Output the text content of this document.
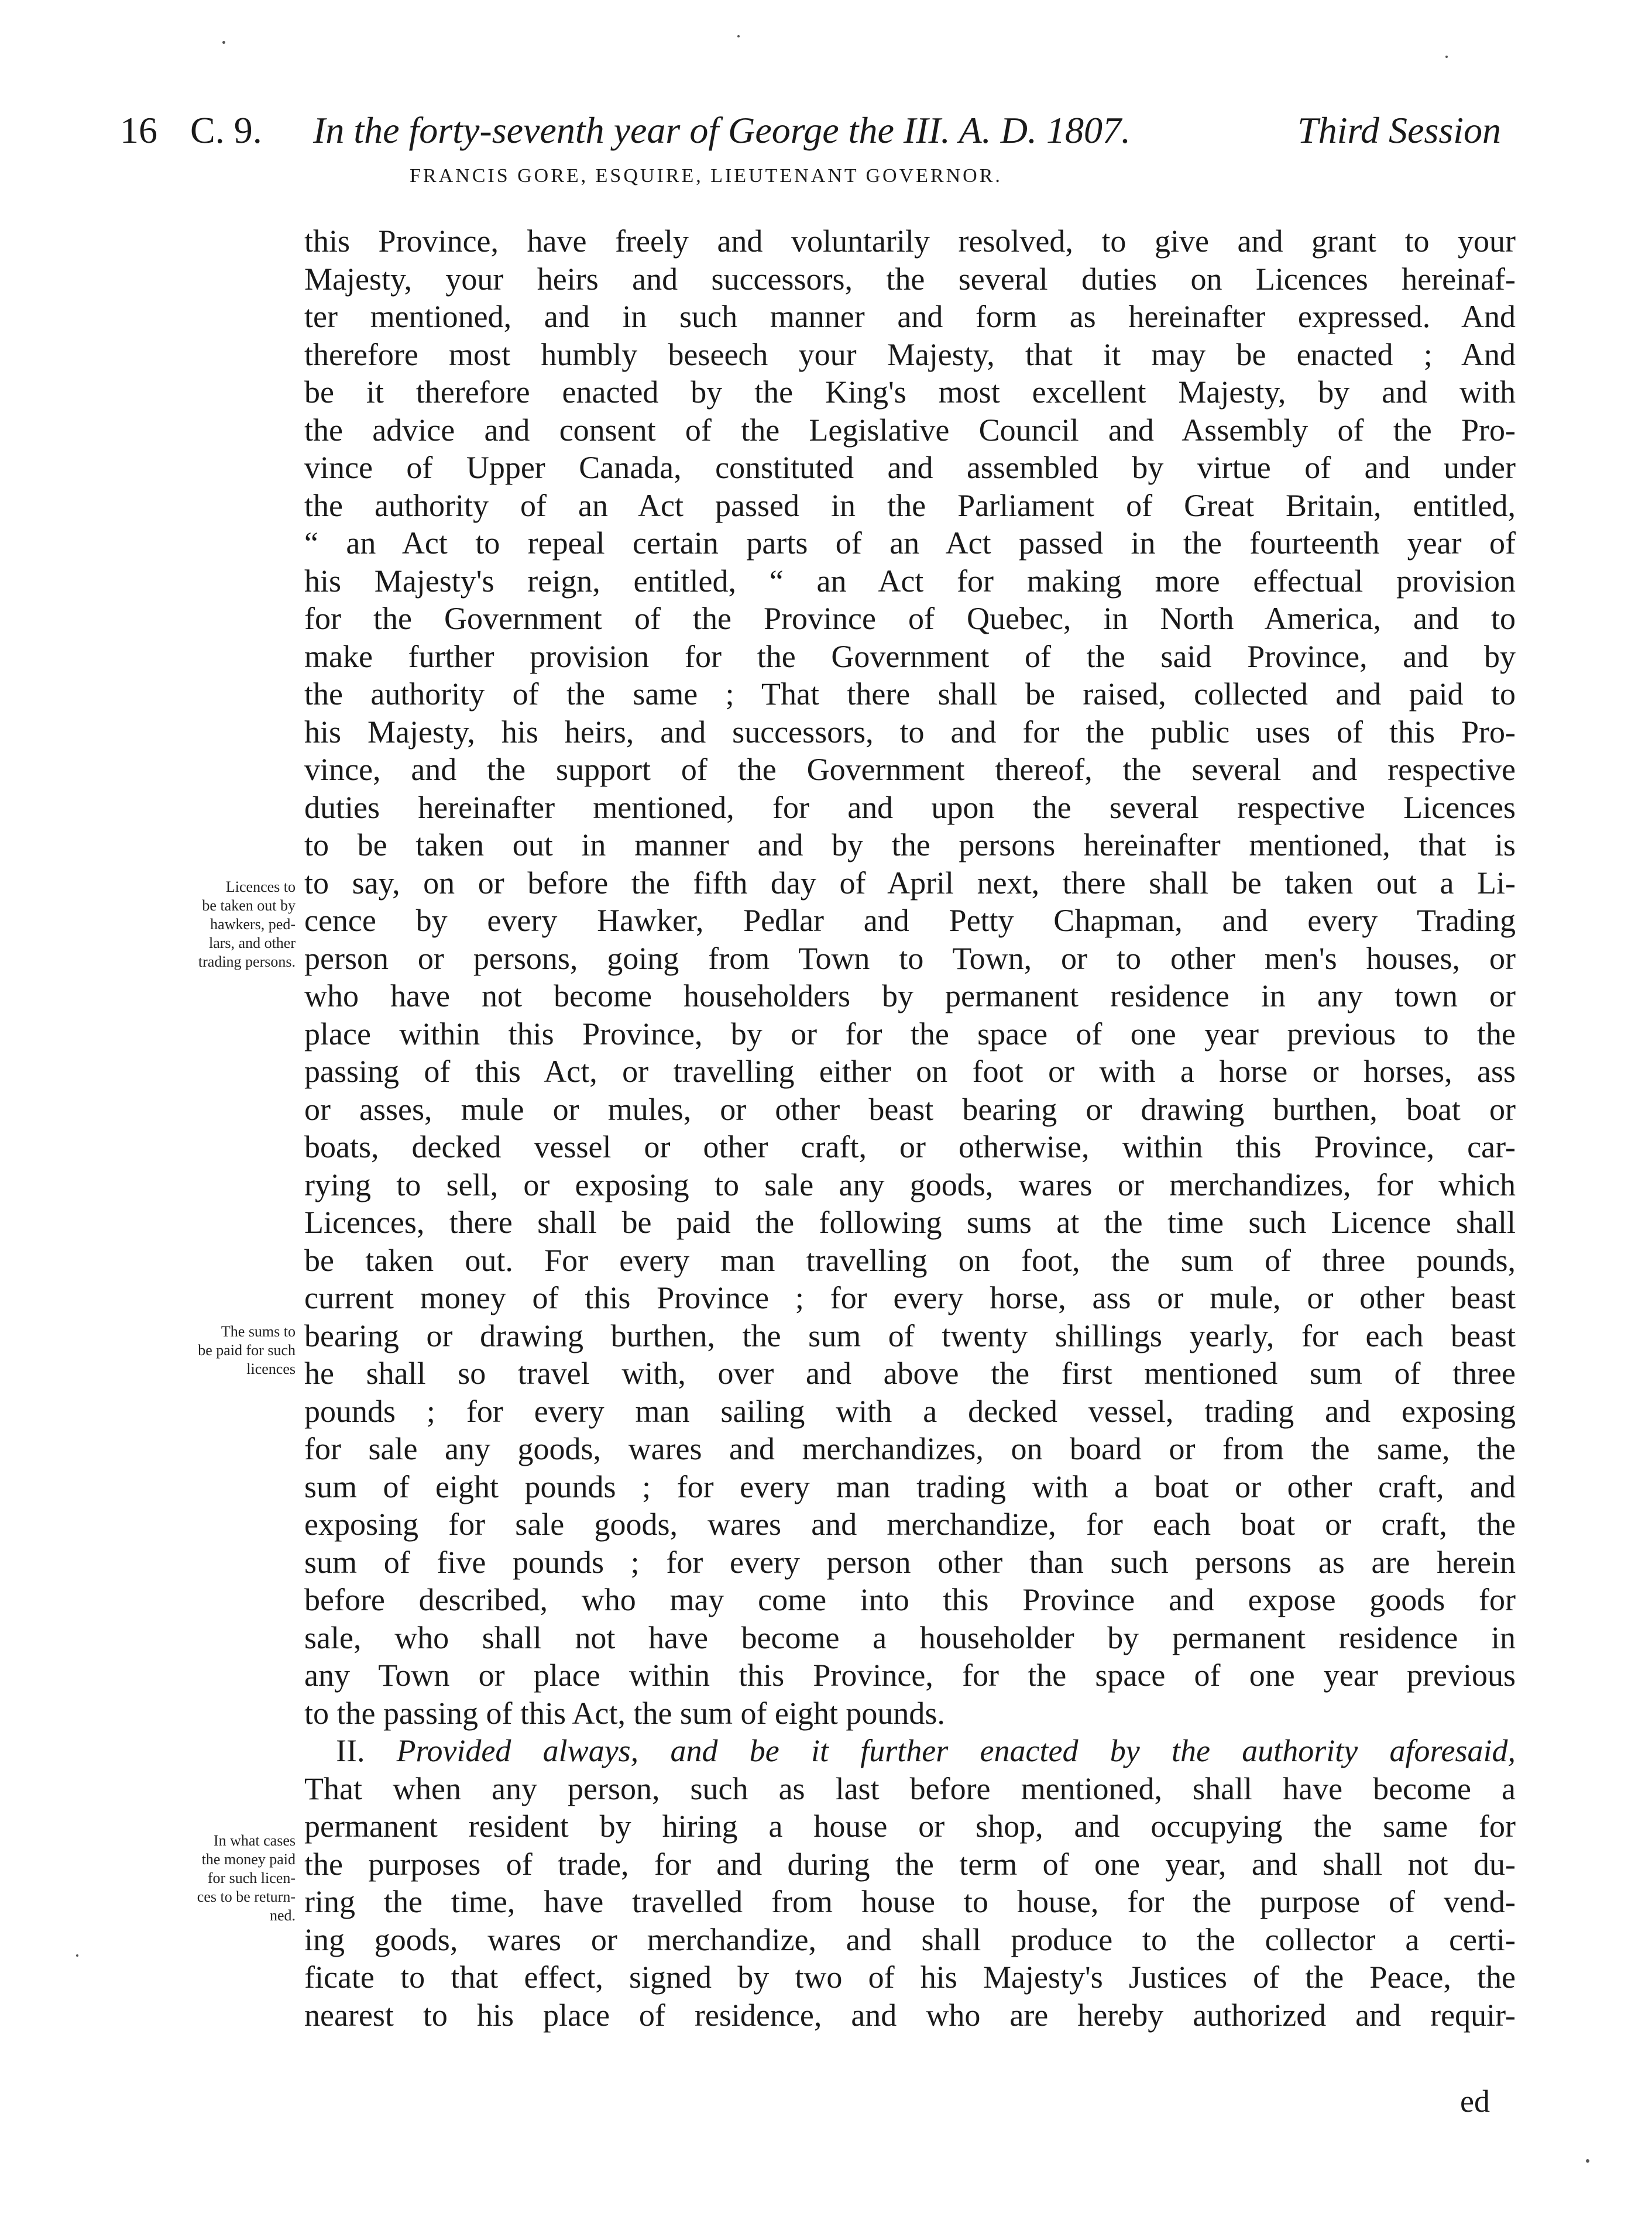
16 C. 9. In the forty-seventh year of George the III. A. D. 1807.	Third Session
FRANCIS GORE, ESQUIRE, LIEUTENANT GOVERNOR.

this Province, have freely and voluntarily resolved, to give and grant to your
Majesty, your heirs and successors, the several duties on Licences hereinaf-
ter mentioned, and in such manner and form as hereinafter expressed. And
therefore most humbly beseech your Majesty, that it may be enacted ; And
be it therefore enacted by the King's most excellent Majesty, by and with
the advice and consent of the Legislative Council and Assembly of the Pro-
vince of Upper Canada, constituted and assembled by virtue of and under
the authority of an Act passed in the Parliament of Great Britain, entitled,
“ an Act to repeal certain parts of an Act passed in the fourteenth year of
his Majesty's reign, entitled, “ an Act for making more effectual provision
for the Government of the Province of Quebec, in North America, and to
make further provision for the Government of the said Province, and by
the authority of the same ; That there shall be raised, collected and paid to
his Majesty, his heirs, and successors, to and for the public uses of this Pro-
vince, and the support of the Government thereof, the several and respective
duties hereinafter mentioned, for and upon the several respective Licences
to be taken out in manner and by the persons hereinafter mentioned, that is
to say, on or before the fifth day of April next, there shall be taken out a Li-
cence by every Hawker, Pedlar and Petty Chapman, and every Trading
person or persons, going from Town to Town, or to other men's houses, or
who have not become householders by permanent residence in any town or
place within this Province, by or for the space of one year previous to the
passing of this Act, or travelling either on foot or with a horse or horses, ass
or asses, mule or mules, or other beast bearing or drawing burthen, boat or
boats, decked vessel or other craft, or otherwise, within this Province, car-
rying to sell, or exposing to sale any goods, wares or merchandizes, for which
Licences, there shall be paid the following sums at the time such Licence shall
be taken out. For every man travelling on foot, the sum of three pounds,
current money of this Province ; for every horse, ass or mule, or other beast
bearing or drawing burthen, the sum of twenty shillings yearly, for each beast
he shall so travel with, over and above the first mentioned sum of three
pounds ; for every man sailing with a decked vessel, trading and exposing
for sale any goods, wares and merchandizes, on board or from the same, the
sum of eight pounds ; for every man trading with a boat or other craft, and
exposing for sale goods, wares and merchandize, for each boat or craft, the
sum of five pounds ; for every person other than such persons as are herein
before described, who may come into this Province and expose goods for
sale, who shall not have become a householder by permanent residence in
any Town or place within this Province, for the space of one year previous
to the passing of this Act, the sum of eight pounds.

 II.  Provided always, and be it further enacted by the authority aforesaid,
That when any person, such as last before mentioned, shall have become a
permanent resident by hiring a house or shop, and occupying the same for
the purposes of trade, for and during the term of one year, and shall not du-
ring the time, have travelled from house to house, for the purpose of vend-
ing goods, wares or merchandize, and shall produce to the collector a certi-
ficate to that effect, signed by two of his Majesty's Justices of the Peace, the
nearest to his place of residence, and who are hereby authorized and requir-

ed
Licences to
be taken out by
hawkers, ped-
lars, and other
trading persons.
The sums to
be paid for such
licences
In what cases
the money paid
for such licen-
ces to be return-
ned.
